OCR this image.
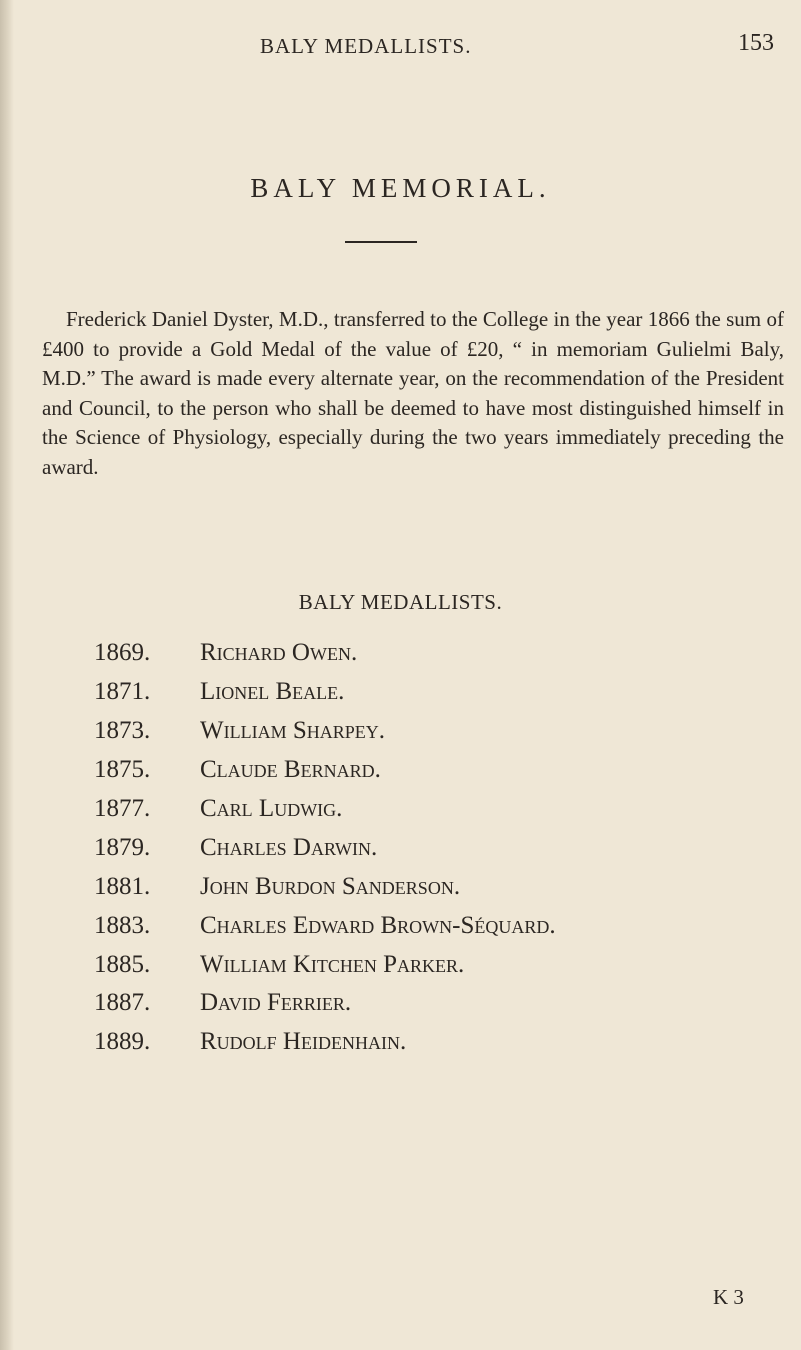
BALY MEDALLISTS.	153
BALY MEMORIAL.

Frederick Daniel Dyster, M.D., transferred to the College in the year 1866 the sum of £400 to provide a Gold Medal of the value of £20, “ in memoriam Gulielmi Baly, M.D.” The award is made every alternate year, on the recommendation of the President and Council, to the person who shall be deemed to have most distinguished himself in the Science of Physiology, especially during the two years immediately preceding the award.

BALY MEDALLISTS.
1869.	Richard Owen.
1871.	Lionel Beale.
1873.	William Sharpey.
1875.	Claude Bernard.
1877.	Carl Ludwig.
1879.	Charles Darwin.
1881.	John Burdon Sanderson.
1883.	Charles Edward Brown-Séquard.
1885.	William Kitchen Parker.
1887.	David Ferrier.
1889.	Rudolf Heidenhain.
K 3
